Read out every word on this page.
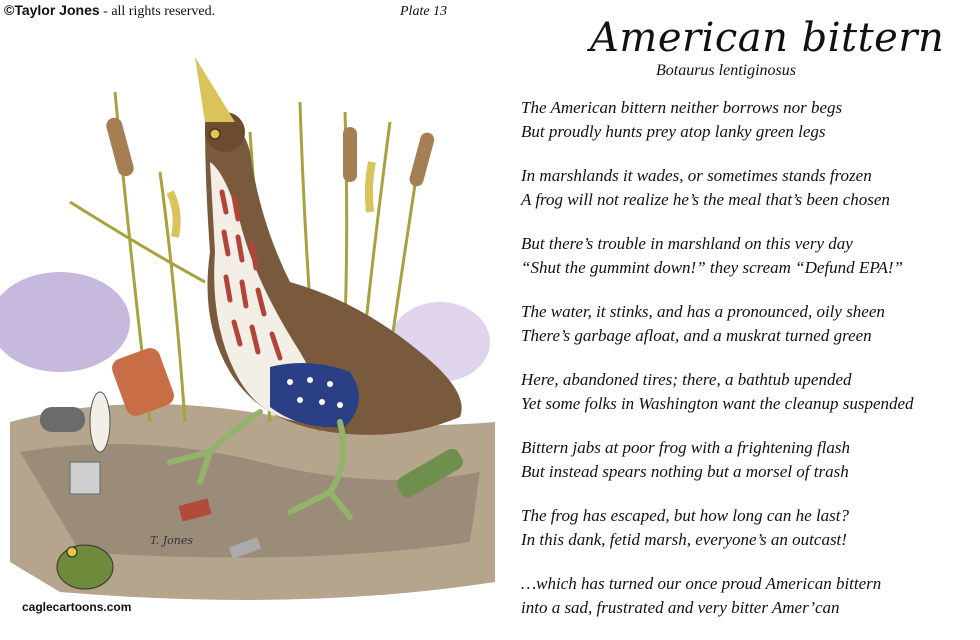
©Taylor Jones - all rights reserved.	Plate 13
T. Jones
caglecartoons.com
American bittern
Botaurus lentiginosus
The American bittern neither borrows nor begs
But proudly hunts prey atop lanky green legs
In marshlands it wades, or sometimes stands frozen
A frog will not realize he’s the meal that’s been chosen
But there’s trouble in marshland on this very day
“Shut the gummint down!” they scream “Defund EPA!”
The water, it stinks, and has a pronounced, oily sheen
There’s garbage afloat, and a muskrat turned green
Here, abandoned tires; there, a bathtub upended
Yet some folks in Washington want the cleanup suspended
Bittern jabs at poor frog with a frightening flash
But instead spears nothing but a morsel of trash
The frog has escaped, but how long can he last?
In this dank, fetid marsh, everyone’s an outcast!
…which has turned our once proud American bittern
into a sad, frustrated and very bitter Amer’can
